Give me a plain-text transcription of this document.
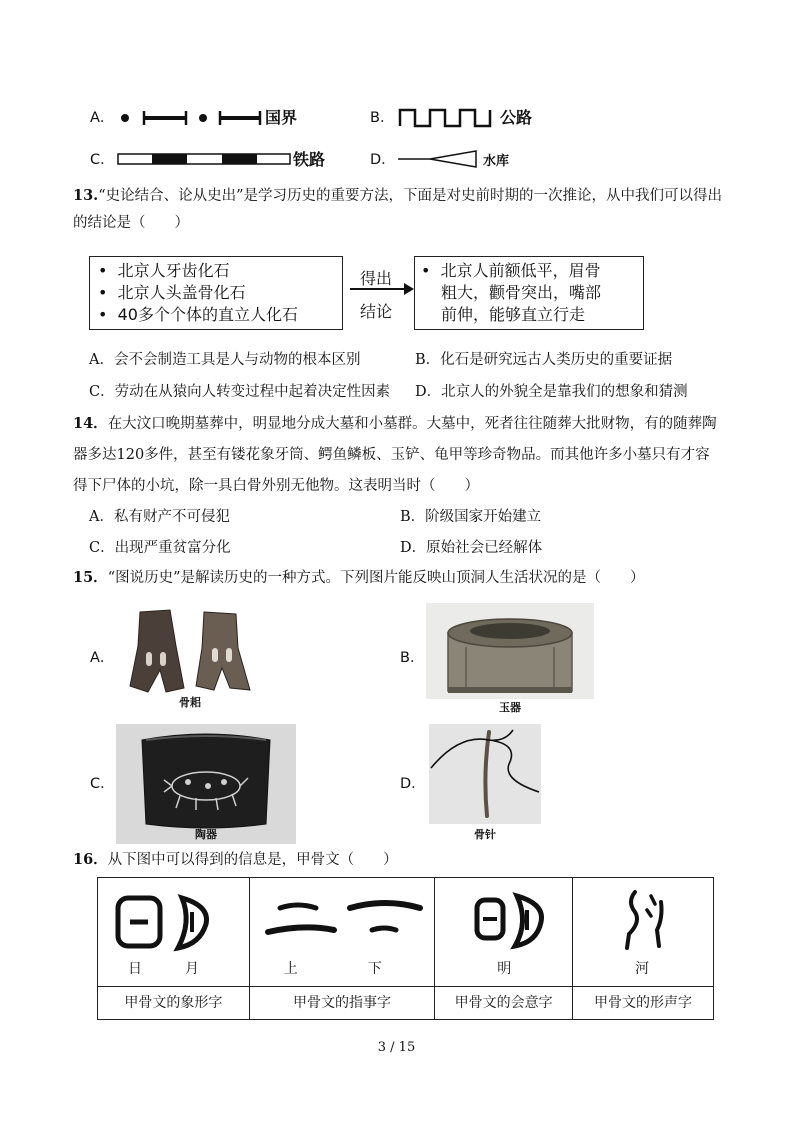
A．	国界	B．	公路
C．	铁路	D．	水库
13.“史论结合、论从史出”是学习历史的重要方法，下面是对史前时期的一次推论，从中我们可以得出
的结论是（　　）
•  北京人牙齿化石
•  北京人头盖骨化石
•  40多个个体的直立人化石
得出
结论
•  北京人前额低平，眉骨
粗大，颧骨突出，嘴部
前伸，能够直立行走
A．会不会制造工具是人与动物的根本区别	B．化石是研究远古人类历史的重要证据
C．劳动在从猿向人转变过程中起着决定性因素 D．北京人的外貌全是靠我们的想象和猜测
14．在大汶口晚期墓葬中，明显地分成大墓和小墓群。大墓中，死者往往随葬大批财物，有的随葬陶
器多达120多件，甚至有镂花象牙筒、鳄鱼鳞板、玉铲、龟甲等珍奇物品。而其他许多小墓只有才容
得下尸体的小坑，除一具白骨外别无他物。这表明当时（　　）
A．私有财产不可侵犯	B．阶级国家开始建立
C．出现严重贫富分化	D．原始社会已经解体
15．“图说历史”是解读历史的一种方式。下列图片能反映山顶洞人生活状况的是（　　）
A．
骨耜
B．
玉器
C．
陶器
D．
骨针
16．从下图中可以得到的信息是，甲骨文（　　）
日 月	上 下	明	河

甲骨文的象形字	甲骨文的指事字	甲骨文的会意字	甲骨文的形声字
3 / 15
